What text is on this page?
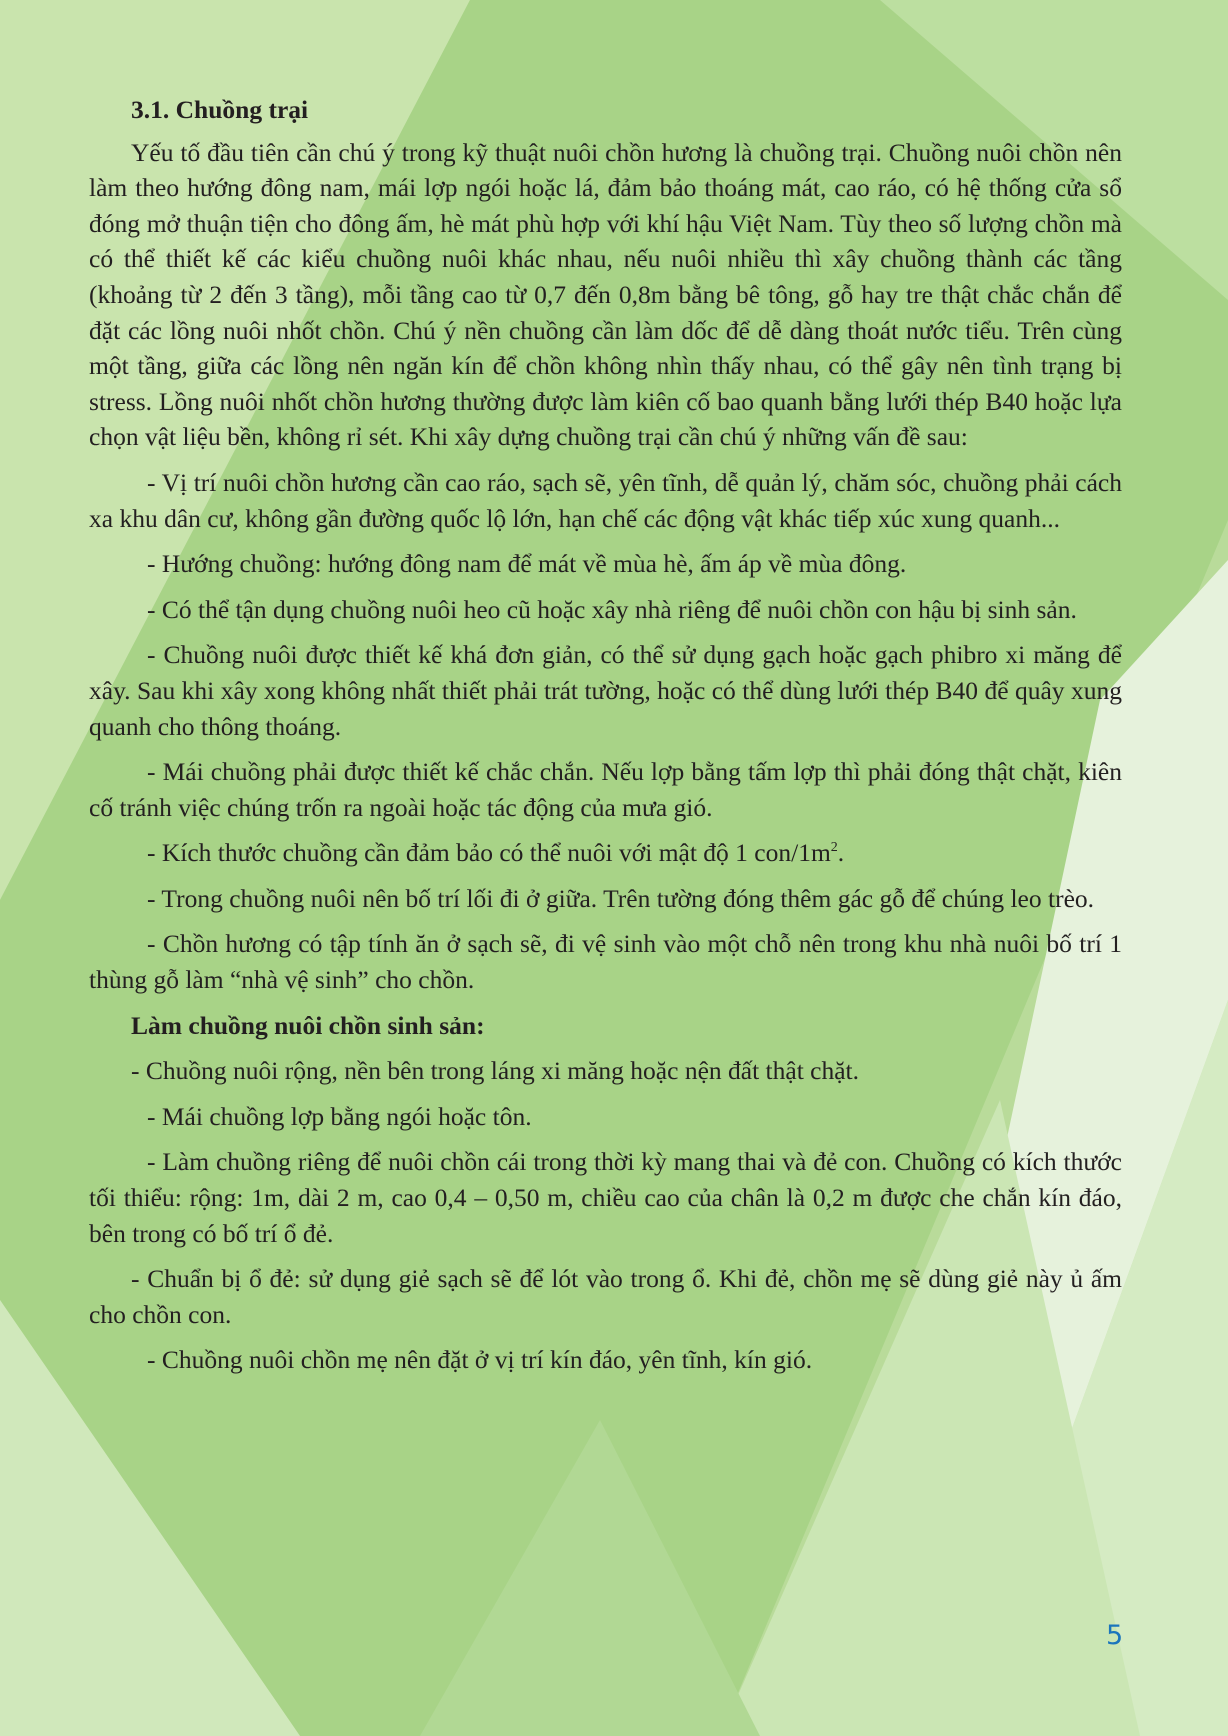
3.1. Chuồng trại

Yếu tố đầu tiên cần chú ý trong kỹ thuật nuôi chồn hương là chuồng trại. Chuồng nuôi chồn nên làm theo hướng đông nam, mái lợp ngói hoặc lá, đảm bảo thoáng mát, cao ráo, có hệ thống cửa sổ đóng mở thuận tiện cho đông ấm, hè mát phù hợp với khí hậu Việt Nam. Tùy theo số lượng chồn mà có thể thiết kế các kiểu chuồng nuôi khác nhau, nếu nuôi nhiều thì xây chuồng thành các tầng (khoảng từ 2 đến 3 tầng), mỗi tầng cao từ 0,7 đến 0,8m bằng bê tông, gỗ hay tre thật chắc chắn để đặt các lồng nuôi nhốt chồn. Chú ý nền chuồng cần làm dốc để dễ dàng thoát nước tiểu. Trên cùng một tầng, giữa các lồng nên ngăn kín để chồn không nhìn thấy nhau, có thể gây nên tình trạng bị stress. Lồng nuôi nhốt chồn hương thường được làm kiên cố bao quanh bằng lưới thép B40 hoặc lựa chọn vật liệu bền, không rỉ sét. Khi xây dựng chuồng trại cần chú ý những vấn đề sau:

- Vị trí nuôi chồn hương cần cao ráo, sạch sẽ, yên tĩnh, dễ quản lý, chăm sóc, chuồng phải cách xa khu dân cư, không gần đường quốc lộ lớn, hạn chế các động vật khác tiếp xúc xung quanh...

- Hướng chuồng: hướng đông nam để mát về mùa hè, ấm áp về mùa đông.

- Có thể tận dụng chuồng nuôi heo cũ hoặc xây nhà riêng để nuôi chồn con hậu bị sinh sản.

- Chuồng nuôi được thiết kế khá đơn giản, có thể sử dụng gạch hoặc gạch phibro xi măng để xây. Sau khi xây xong không nhất thiết phải trát tường, hoặc có thể dùng lưới thép B40 để quây xung quanh cho thông thoáng.

- Mái chuồng phải được thiết kế chắc chắn. Nếu lợp bằng tấm lợp thì phải đóng thật chặt, kiên cố tránh việc chúng trốn ra ngoài hoặc tác động của mưa gió.

- Kích thước chuồng cần đảm bảo có thể nuôi với mật độ 1 con/$1m^2$.

- Trong chuồng nuôi nên bố trí lối đi ở giữa. Trên tường đóng thêm gác gỗ để chúng leo trèo.

- Chồn hương có tập tính ăn ở sạch sẽ, đi vệ sinh vào một chỗ nên trong khu nhà nuôi bố trí 1 thùng gỗ làm “nhà vệ sinh” cho chồn.

Làm chuồng nuôi chồn sinh sản:

- Chuồng nuôi rộng, nền bên trong láng xi măng hoặc nện đất thật chặt.

- Mái chuồng lợp bằng ngói hoặc tôn.

- Làm chuồng riêng để nuôi chồn cái trong thời kỳ mang thai và đẻ con. Chuồng có kích thước tối thiểu: rộng: 1m, dài 2 m, cao 0,4 – 0,50 m, chiều cao của chân là 0,2 m được che chắn kín đáo, bên trong có bố trí ổ đẻ.

- Chuẩn bị ổ đẻ: sử dụng giẻ sạch sẽ để lót vào trong ổ. Khi đẻ, chồn mẹ sẽ dùng giẻ này ủ ấm cho chồn con.

- Chuồng nuôi chồn mẹ nên đặt ở vị trí kín đáo, yên tĩnh, kín gió.

5
